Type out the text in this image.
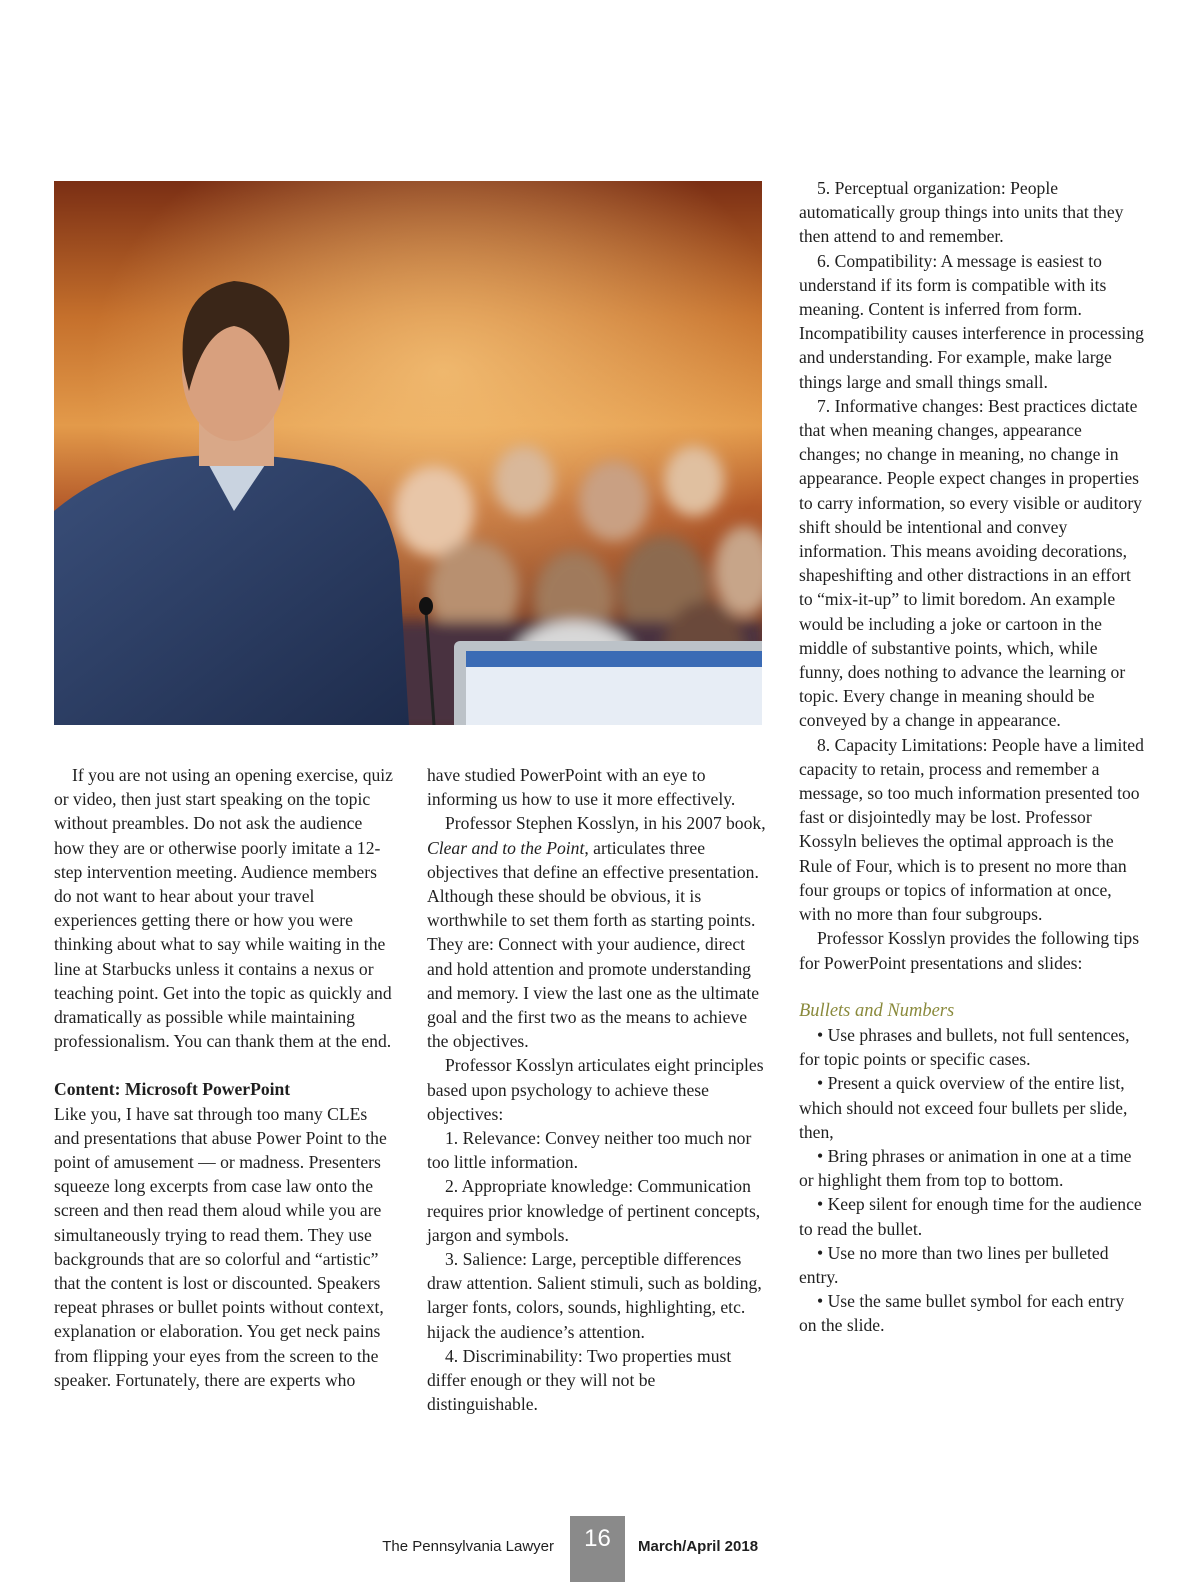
If you are not using an opening exercise, quiz or video, then just start speaking on the topic without preambles. Do not ask the audience how they are or otherwise poorly imitate a 12-step intervention meeting. Audience members do not want to hear about your travel experiences getting there or how you were thinking about what to say while waiting in the line at Starbucks unless it contains a nexus or teaching point. Get into the topic as quickly and dramatically as possible while maintaining professionalism. You can thank them at the end.

Content: Microsoft PowerPoint

Like you, I have sat through too many CLEs and presentations that abuse Power Point to the point of amusement — or madness. Presenters squeeze long excerpts from case law onto the screen and then read them aloud while you are simultaneously trying to read them. They use backgrounds that are so colorful and “artistic” that the content is lost or discounted. Speakers repeat phrases or bullet points without context, explanation or elaboration. You get neck pains from flipping your eyes from the screen to the speaker. Fortunately, there are experts who

have studied PowerPoint with an eye to informing us how to use it more effectively.

Professor Stephen Kosslyn, in his 2007 book, Clear and to the Point, articulates three objectives that define an effective presentation. Although these should be obvious, it is worthwhile to set them forth as starting points. They are: Connect with your audience, direct and hold attention and promote understanding and memory. I view the last one as the ultimate goal and the first two as the means to achieve the objectives.

Professor Kosslyn articulates eight principles based upon psychology to achieve these objectives:

1. Relevance: Convey neither too much nor too little information.

2. Appropriate knowledge: Communication requires prior knowledge of pertinent concepts, jargon and symbols.

3. Salience: Large, perceptible differences draw attention. Salient stimuli, such as bolding, larger fonts, colors, sounds, highlighting, etc. hijack the audience’s attention.

4. Discriminability: Two properties must differ enough or they will not be distinguishable.

5. Perceptual organization: People automatically group things into units that they then attend to and remember.

6. Compatibility: A message is easiest to understand if its form is compatible with its meaning. Content is inferred from form. Incompatibility causes interference in processing and understanding. For example, make large things large and small things small.

7. Informative changes: Best practices dictate that when meaning changes, appearance changes; no change in meaning, no change in appearance. People expect changes in properties to carry information, so every visible or auditory shift should be intentional and convey information. This means avoiding decorations, shapeshifting and other distractions in an effort to “mix-it-up” to limit boredom. An example would be including a joke or cartoon in the middle of substantive points, which, while funny, does nothing to advance the learning or topic. Every change in meaning should be conveyed by a change in appearance.

8. Capacity Limitations: People have a limited capacity to retain, process and remember a message, so too much information presented too fast or disjointedly may be lost. Professor Kossyln believes the optimal approach is the Rule of Four, which is to present no more than four groups or topics of information at once, with no more than four subgroups.

Professor Kosslyn provides the following tips for PowerPoint presentations and slides:

Bullets and Numbers

• Use phrases and bullets, not full sentences, for topic points or specific cases.

• Present a quick overview of the entire list, which should not exceed four bullets per slide, then,

• Bring phrases or animation in one at a time or highlight them from top to bottom.

• Keep silent for enough time for the audience to read the bullet.

• Use no more than two lines per bulleted entry.

• Use the same bullet symbol for each entry on the slide.

The Pennsylvania Lawyer	16	March/April 2018
